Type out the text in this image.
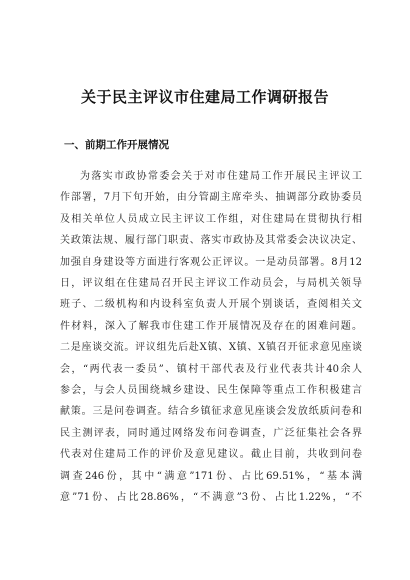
关于民主评议市住建局工作调研报告
一、前期工作开展情况
为落实市政协常委会关于对市住建局工作开展民主评议工
作部署，7月下旬开始，由分管副主席牵头、抽调部分政协委员
及相关单位人员成立民主评议工作组，对住建局在贯彻执行相
关政策法规、履行部门职责、落实市政协及其常委会决议决定、
加强自身建设等方面进行客观公正评议。一是动员部署。8月12
日，评议组在住建局召开民主评议工作动员会，与局机关领导
班子、二级机构和内设科室负责人开展个别谈话，查阅相关文
件材料，深入了解我市住建工作开展情况及存在的困难问题。
二是座谈交流。评议组先后赴X镇、X镇、X镇召开征求意见座谈
会，“两代表一委员”、镇村干部代表及行业代表共计40余人
参会，与会人员围绕城乡建设、民生保障等重点工作积极建言
献策。三是问卷调查。结合乡镇征求意见座谈会发放纸质问卷和
民主测评表，同时通过网络发布问卷调查，广泛征集社会各界
代表对住建局工作的评价及意见建议。截止目前，共收到问卷
调查246份，其中“满意”171份、占比69.51%，“基本满
意”71份、占比28.86%，“不满意”3份、占比1.22%，“不
